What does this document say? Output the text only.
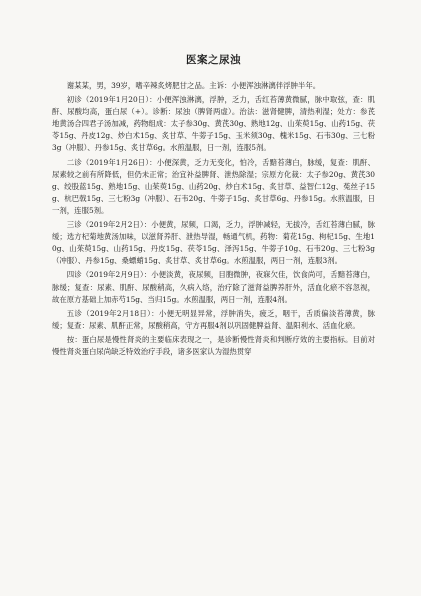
医案之尿浊

谢某某，男，39岁，嗜辛辣炙烤肥甘之品。主诉：小便浑浊淋漓伴浮肿半年。

初诊（2019年1月20日）：小便浑浊淋漓，浮肿，乏力，舌红苔薄黄微腻，脉中取弦，查：肌酐、尿酸均高，蛋白尿（+）。诊断：尿浊（脾肾两虚）。治法：滋肾健脾，清热利湿；处方：参芪地黄汤合四君子汤加减，药物组成：太子参30g、黄芪30g、熟地12g、山茱萸15g、山药15g、茯苓15g、丹皮12g、炒白术15g、炙甘草、牛蒡子15g、玉米须30g、槐米15g、石韦30g、三七粉3g（冲服）、丹参15g、炙甘草6g。水煎温服，日一剂，连服5剂。

二诊（2019年1月26日）：小便深黄，乏力无变化，怕冷，舌黯苔薄白，脉缓，复查：肌酐、尿素较之前有所降低，但仍未正常；治宜补益脾肾、泄热除湿；宗原方化裁：太子参20g、黄芪30g、绞股蓝15g、熟地15g、山茱萸15g、山药20g、炒白术15g、炙甘草、益智仁12g、菟丝子15g、杭巴戟15g、三七粉3g（冲服）、石韦20g、牛蒡子15g、炙甘草6g、丹参15g。水煎温服，日一剂，连服5剂。

三诊（2019年2月2日）：小便黄，尿频，口渴，乏力，浮肿减轻，无拔冷，舌红苔薄白腻，脉缓；选方杞菊地黄汤加味，以滋肾养肝、泄热导湿，畅通气机，药物：菊花15g、枸杞15g、生地10g、山茱萸15g、山药15g、丹皮15g、茯苓15g、泽泻15g、牛蒡子10g、石韦20g、三七粉3g（冲服）、丹参15g、桑螵蛸15g、炙甘草、炙甘草6g。水煎温服，两日一剂，连服3剂。

四诊（2019年2月9日）：小便淡黄，夜尿频，目胞微肿，夜寐欠佳，饮食尚可，舌黯苔薄白，脉缓；复查：尿素、肌酐、尿酸稍高，久病入络，治疗除了滋肾益脾养肝外，活血化瘀不容忽视，故在原方基础上加赤芍15g、当归15g。水煎温服，两日一剂，连服4剂。

五诊（2019年2月18日）：小便无明显异常，浮肿消失，疲乏，咽干，舌质偏淡苔薄黄，脉缓；复查：尿素、肌酐正常，尿酸稍高，守方再服4剂以巩固健脾益肾、温阳利水、活血化瘀。

按：蛋白尿是慢性肾炎的主要临床表现之一，是诊断慢性肾炎和判断疗效的主要指标。目前对慢性肾炎蛋白尿尚缺乏特效治疗手段，诸多医家认为湿热贯穿
